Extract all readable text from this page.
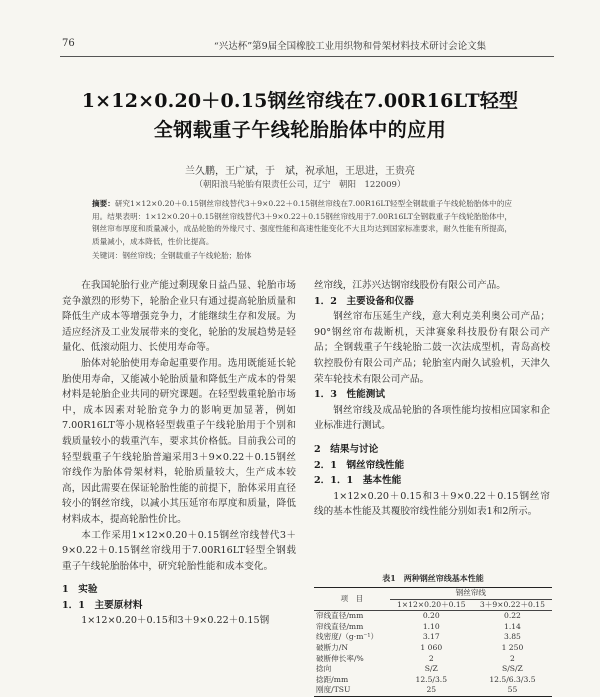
76	“兴达杯”第9届全国橡胶工业用织物和骨架材料技术研讨会论文集
1×12×0.20＋0.15钢丝帘线在7.00R16LT轻型
全钢载重子午线轮胎胎体中的应用
兰久鹏，王广斌，于　斌，祝承旭，王思进，王贵亮
（朝阳浪马轮胎有限责任公司，辽宁　朝阳　122009）
摘要：研究1×12×0.20＋0.15钢丝帘线替代3＋9×0.22＋0.15钢丝帘线在7.00R16LT轻型全钢载重子午线轮胎胎体中的应用。结果表明：1×12×0.20＋0.15钢丝帘线替代3＋9×0.22＋0.15钢丝帘线用于7.00R16LT全钢载重子午线轮胎胎体中，钢丝帘布厚度和质量减小，成品轮胎的外缘尺寸、强度性能和高速性能变化不大且均达到国家标准要求，耐久性能有所提高，质量减小，成本降低，性价比提高。
关键词：钢丝帘线；全钢载重子午线轮胎；胎体

在我国轮胎行业产能过剩现象日益凸显、轮胎市场竞争激烈的形势下，轮胎企业只有通过提高轮胎质量和降低生产成本等增强竞争力，才能继续生存和发展。为适应经济及工业发展带来的变化，轮胎的发展趋势是轻量化、低滚动阻力、长使用寿命等。

胎体对轮胎使用寿命起重要作用。选用既能延长轮胎使用寿命，又能减小轮胎质量和降低生产成本的骨架材料是轮胎企业共同的研究课题。在轻型载重轮胎市场中，成本因素对轮胎竞争力的影响更加显著，例如7.00R16LT等小规格轻型载重子午线轮胎用于个别和载质量较小的载重汽车，要求其价格低。目前我公司的轻型载重子午线轮胎普遍采用3＋9×0.22＋0.15钢丝帘线作为胎体骨架材料，轮胎质量较大，生产成本较高，因此需要在保证轮胎性能的前提下，胎体采用直径较小的钢丝帘线，以减小其压延帘布厚度和质量，降低材料成本，提高轮胎性价比。

本工作采用1×12×0.20＋0.15钢丝帘线替代3＋9×0.22＋0.15钢丝帘线用于7.00R16LT轻型全钢载重子午线轮胎胎体中，研究轮胎性能和成本变化。

1　实验
1．1　主要原材料

1×12×0.20＋0.15和3＋9×0.22＋0.15钢

丝帘线，江苏兴达钢帘线股份有限公司产品。
1．2　主要设备和仪器

钢丝帘布压延生产线，意大利克美利奥公司产品；90°钢丝帘布裁断机，天津赛象科技股份有限公司产品；全钢载重子午线轮胎二鼓一次法成型机，青岛高校软控股份有限公司产品；轮胎室内耐久试验机，天津久荣车轮技术有限公司产品。

1．3　性能测试

钢丝帘线及成品轮胎的各项性能均按相应国家和企业标准进行测试。

2　结果与讨论
2．1　钢丝帘线性能
2．1．1　基本性能

1×12×0.20＋0.15和3＋9×0.22＋0.15钢丝帘线的基本性能及其覆胶帘线性能分别如表1和2所示。

表1　两种钢丝帘线基本性能
项　目	钢丝帘线	
	1×12×0.20＋0.15	3＋9×0.22＋0.15
帘线直径/mm	0.20	0.22
帘线直径/mm	1.10	1.14
线密度/（g·m⁻¹）	3.17	3.85
破断力/N	1 060	1 250
破断伸长率/%	2	2
捻向	S/Z	S/S/Z
捻距/mm	12.5/3.5	12.5/6.3/3.5
刚度/TSU	25	55
